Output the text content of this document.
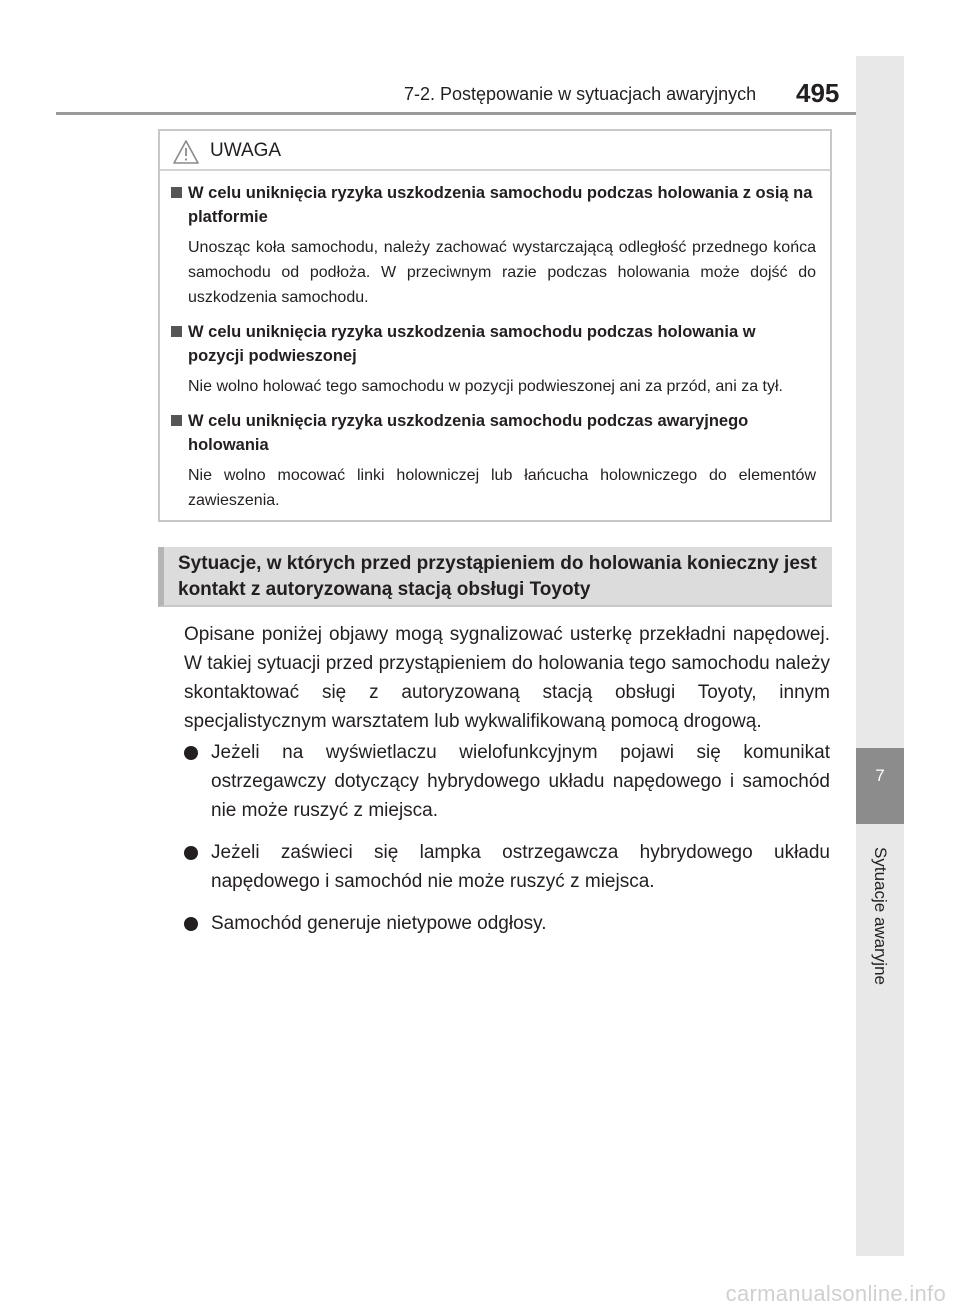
7-2. Postępowanie w sytuacjach awaryjnych	495
7
Sytuacje awaryjne
UWAGA
W celu uniknięcia ryzyka uszkodzenia samochodu podczas holowania z osią na platformie
Unosząc koła samochodu, należy zachować wystarczającą odległość przednego końca samochodu od podłoża. W przeciwnym razie podczas holowania może dojść do uszkodzenia samochodu.
W celu uniknięcia ryzyka uszkodzenia samochodu podczas holowania w pozycji podwieszonej
Nie wolno holować tego samochodu w pozycji podwieszonej ani za przód, ani za tył.
W celu uniknięcia ryzyka uszkodzenia samochodu podczas awaryjnego holowania
Nie wolno mocować linki holowniczej lub łańcucha holowniczego do elementów zawieszenia.
Sytuacje, w których przed przystąpieniem do holowania konieczny jest kontakt z autoryzowaną stacją obsługi Toyoty
Opisane poniżej objawy mogą sygnalizować usterkę przekładni napędowej. W takiej sytuacji przed przystąpieniem do holowania tego samochodu należy skontaktować się z autoryzowaną stacją obsługi Toyoty, innym specjalistycznym warsztatem lub wykwalifikowaną pomocą drogową.
Jeżeli na wyświetlaczu wielofunkcyjnym pojawi się komunikat ostrzegawczy dotyczący hybrydowego układu napędowego i samochód nie może ruszyć z miejsca.
Jeżeli zaświeci się lampka ostrzegawcza hybrydowego układu napędowego i samochód nie może ruszyć z miejsca.
Samochód generuje nietypowe odgłosy.
carmanualsonline.info
